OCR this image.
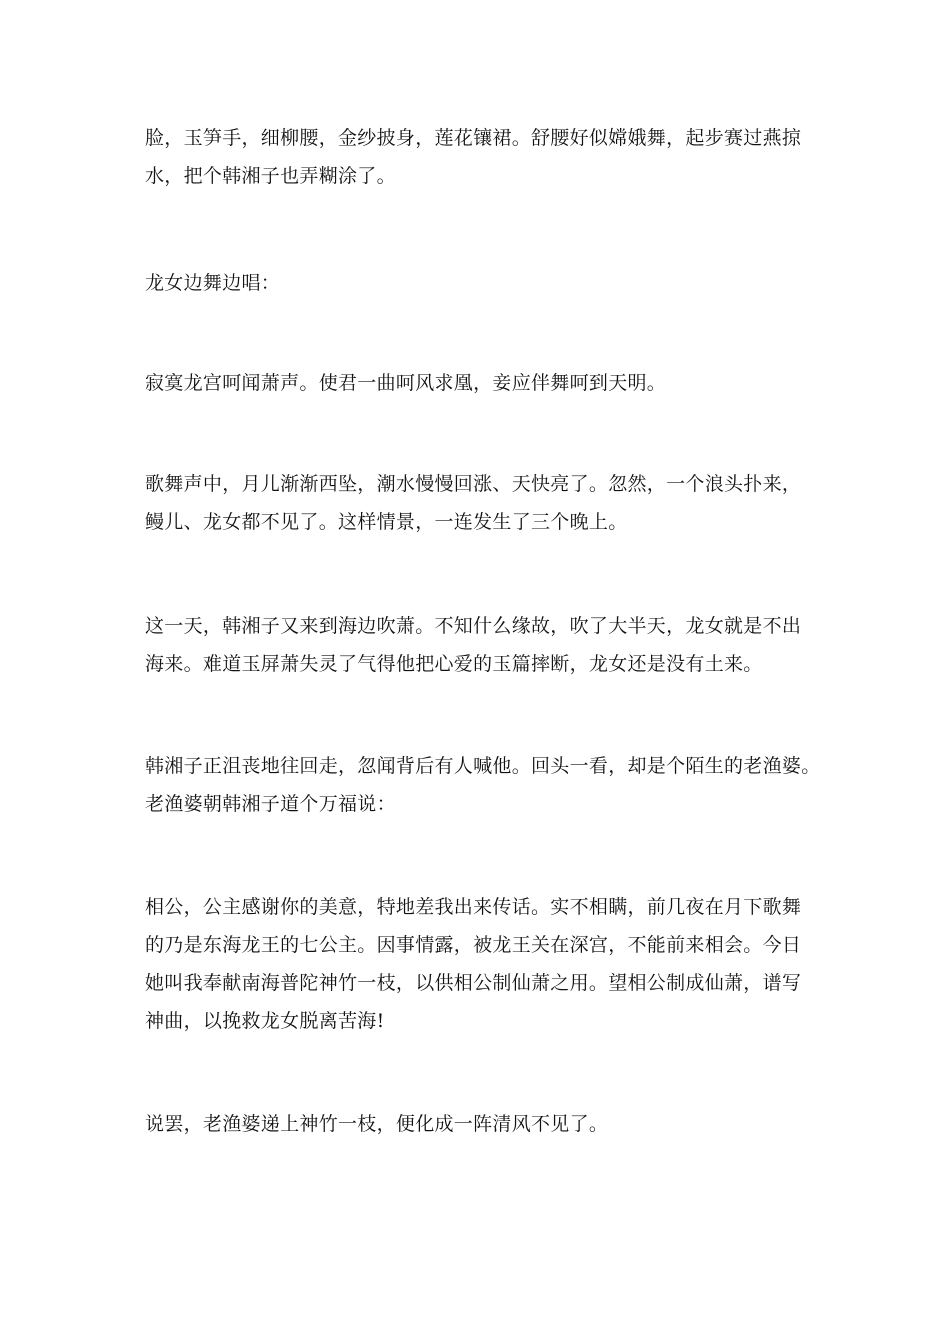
脸，玉笋手，细柳腰，金纱披身，莲花镶裙。舒腰好似嫦娥舞，起步赛过燕掠
水，把个韩湘子也弄糊涂了。
龙女边舞边唱：
寂寞龙宫呵闻萧声。使君一曲呵风求凰，妾应伴舞呵到天明。
歌舞声中，月儿渐渐西坠，潮水慢慢回涨、天快亮了。忽然，一个浪头扑来，
鳗儿、龙女都不见了。这样情景，一连发生了三个晚上。
这一天，韩湘子又来到海边吹萧。不知什么缘故，吹了大半天，龙女就是不出
海来。难道玉屏萧失灵了气得他把心爱的玉篇摔断，龙女还是没有土来。
韩湘子正沮丧地往回走，忽闻背后有人喊他。回头一看，却是个陌生的老渔婆。
老渔婆朝韩湘子道个万福说：
相公，公主感谢你的美意，特地差我出来传话。实不相瞒，前几夜在月下歌舞
的乃是东海龙王的七公主。因事情露，被龙王关在深宫，不能前来相会。今日
她叫我奉献南海普陀神竹一枝，以供相公制仙萧之用。望相公制成仙萧，谱写
神曲，以挽救龙女脱离苦海!
说罢，老渔婆递上神竹一枝，便化成一阵清风不见了。
